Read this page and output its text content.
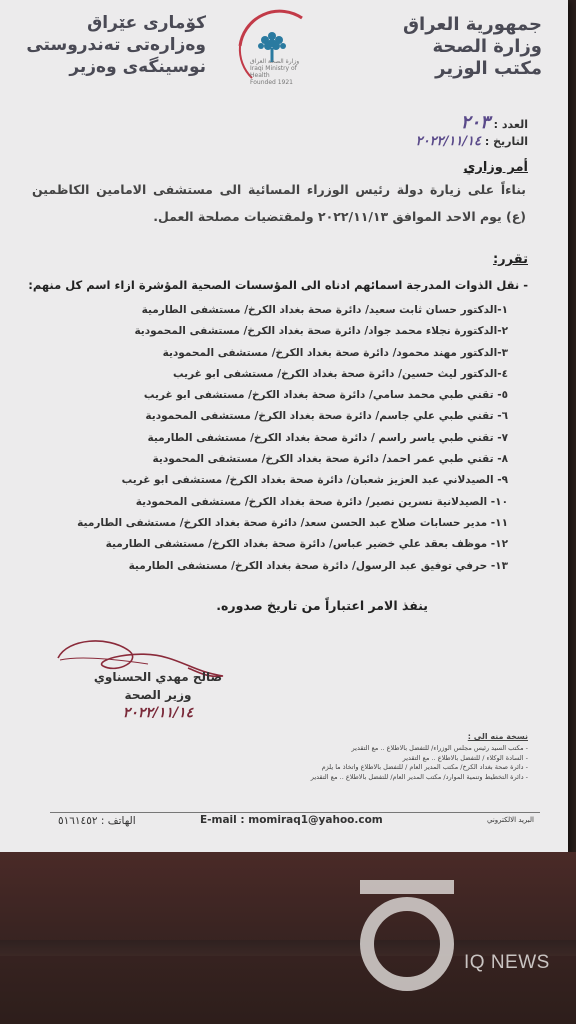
جمهورية العراق
وزارة الصحة
مكتب الوزير
وزارة الصحة العراق
Iraqi Ministry of Health
Founded 1921
كۆماری عێراق
وەزارەتی تەندروستی
نوسینگەی وەزیر
العدد : ٢٠٣
التاريخ : ٢٠٢٢/١١/١٤
أمر وزاري
بناءاً على زيارة دولة رئيس الوزراء المسائية الى مستشفى الامامين الكاظمين (ع) يوم الاحد الموافق ٢٠٢٢/١١/١٣ ولمقتضيات مصلحة العمل.
تقرر:
- نقل الذوات المدرجة اسمائهم ادناه الى المؤسسات الصحية المؤشرة ازاء اسم كل منهم:
١-الدكتور حسان ثابت سعيد/ دائرة صحة بغداد الكرخ/ مستشفى الطارمية
٢-الدكتورة نجلاء محمد جواد/ دائرة صحة بغداد الكرخ/ مستشفى المحمودية
٣-الدكتور مهند محمود/ دائرة صحة بغداد الكرخ/ مستشفى المحمودية
٤-الدكتور ليث حسين/ دائرة صحة بغداد الكرخ/ مستشفى ابو غريب
٥- تقني طبي محمد سامي/ دائرة صحة بغداد الكرخ/ مستشفى ابو غريب
٦- تقني طبي علي جاسم/ دائرة صحة بغداد الكرخ/ مستشفى المحمودية
٧- تقني طبي ياسر راسم / دائرة صحة بغداد الكرخ/ مستشفى الطارمية
٨- تقني طبي عمر احمد/ دائرة صحة بغداد الكرخ/ مستشفى المحمودية
٩- الصيدلاني عبد العزيز شعبان/ دائرة صحة بغداد الكرخ/ مستشفى ابو غريب
١٠- الصيدلانية نسرين نصير/ دائرة صحة بغداد الكرخ/ مستشفى المحمودية
١١- مدير حسابات صلاح عبد الحسن سعد/ دائرة صحة بغداد الكرخ/ مستشفى الطارمية
١٢- موظف بعقد علي خضير عباس/ دائرة صحة بغداد الكرخ/ مستشفى الطارمية
١٣- حرفي توفيق عبد الرسول/ دائرة صحة بغداد الكرخ/ مستشفى الطارمية
ينفذ الامر اعتباراً من تاريخ صدوره.
صالح مهدي الحسناوي
وزير الصحة
٢٠٢٢/١١/١٤
نسخة منه الى :
- مكتب السيد رئيس مجلس الوزراء/ للتفضل بالاطلاع .. مع التقدير
- السادة الوكلاء / للتفضل بالاطلاع .. مع التقدير
- دائرة صحة بغداد الكرخ/ مكتب المدير العام / للتفضل بالاطلاع واتخاذ ما يلزم
- دائرة التخطيط وتنمية الموارد/ مكتب المدير العام/ للتفضل بالاطلاع .. مع التقدير
الهاتف : ٥١٦١٤٥٢	E-mail : momiraq1@yahoo.com	البريد الالكتروني
IQ NEWS
